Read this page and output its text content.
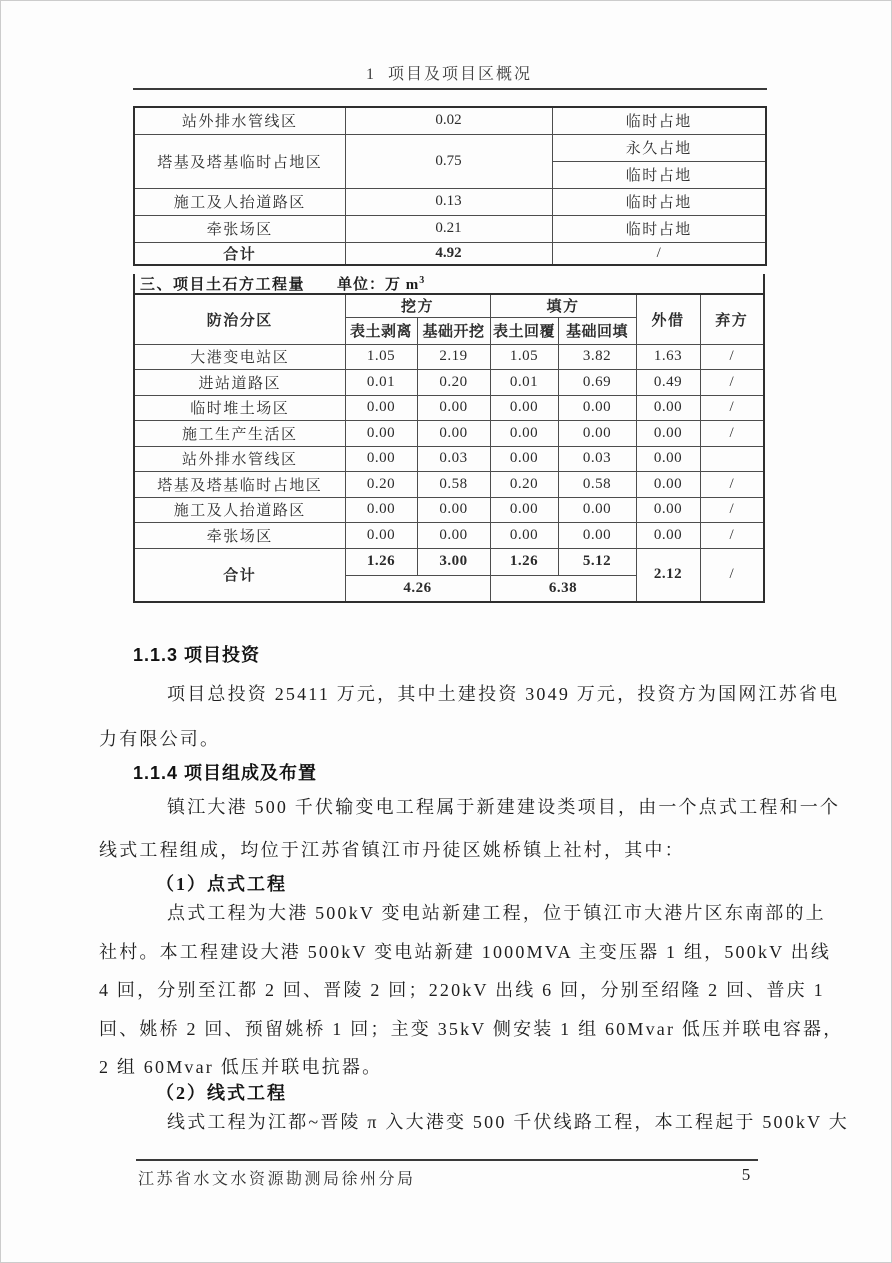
1  项目及项目区概况
站外排水管线区	0.02	临时占地
塔基及塔基临时占地区	0.75	永久占地
		临时占地
施工及人抬道路区	0.13	临时占地
牵张场区	0.21	临时占地
合计	4.92	/
三、项目土石方工程量 单位：万 $m^3$
防治分区	挖方		填方		外借	弃方
	表土剥离	基础开挖	表土回覆	基础回填		
大港变电站区	1.05	2.19	1.05	3.82	1.63	/
进站道路区	0.01	0.20	0.01	0.69	0.49	/
临时堆土场区	0.00	0.00	0.00	0.00	0.00	/
施工生产生活区	0.00	0.00	0.00	0.00	0.00	/
站外排水管线区	0.00	0.03	0.00	0.03	0.00	
塔基及塔基临时占地区	0.20	0.58	0.20	0.58	0.00	/
施工及人抬道路区	0.00	0.00	0.00	0.00	0.00	/
牵张场区	0.00	0.00	0.00	0.00	0.00	/
合计	1.26	3.00	1.26	5.12	2.12	/
	4.26		6.38			
1.1.3 项目投资
项目总投资 25411 万元，其中土建投资 3049 万元，投资方为国网江苏省电
力有限公司。
1.1.4 项目组成及布置
镇江大港 500 千伏输变电工程属于新建建设类项目，由一个点式工程和一个
线式工程组成，均位于江苏省镇江市丹徒区姚桥镇上社村，其中：
（1）点式工程
点式工程为大港 500kV 变电站新建工程，位于镇江市大港片区东南部的上
社村。本工程建设大港 500kV 变电站新建 1000MVA 主变压器 1 组，500kV 出线
4 回，分别至江都 2 回、晋陵 2 回；220kV 出线 6 回，分别至绍隆 2 回、普庆 1
回、姚桥 2 回、预留姚桥 1 回；主变 35kV 侧安装 1 组 60Mvar 低压并联电容器，
2 组 60Mvar 低压并联电抗器。
（2）线式工程
线式工程为江都~晋陵 π 入大港变 500 千伏线路工程，本工程起于 500kV 大
江苏省水文水资源勘测局徐州分局	5
